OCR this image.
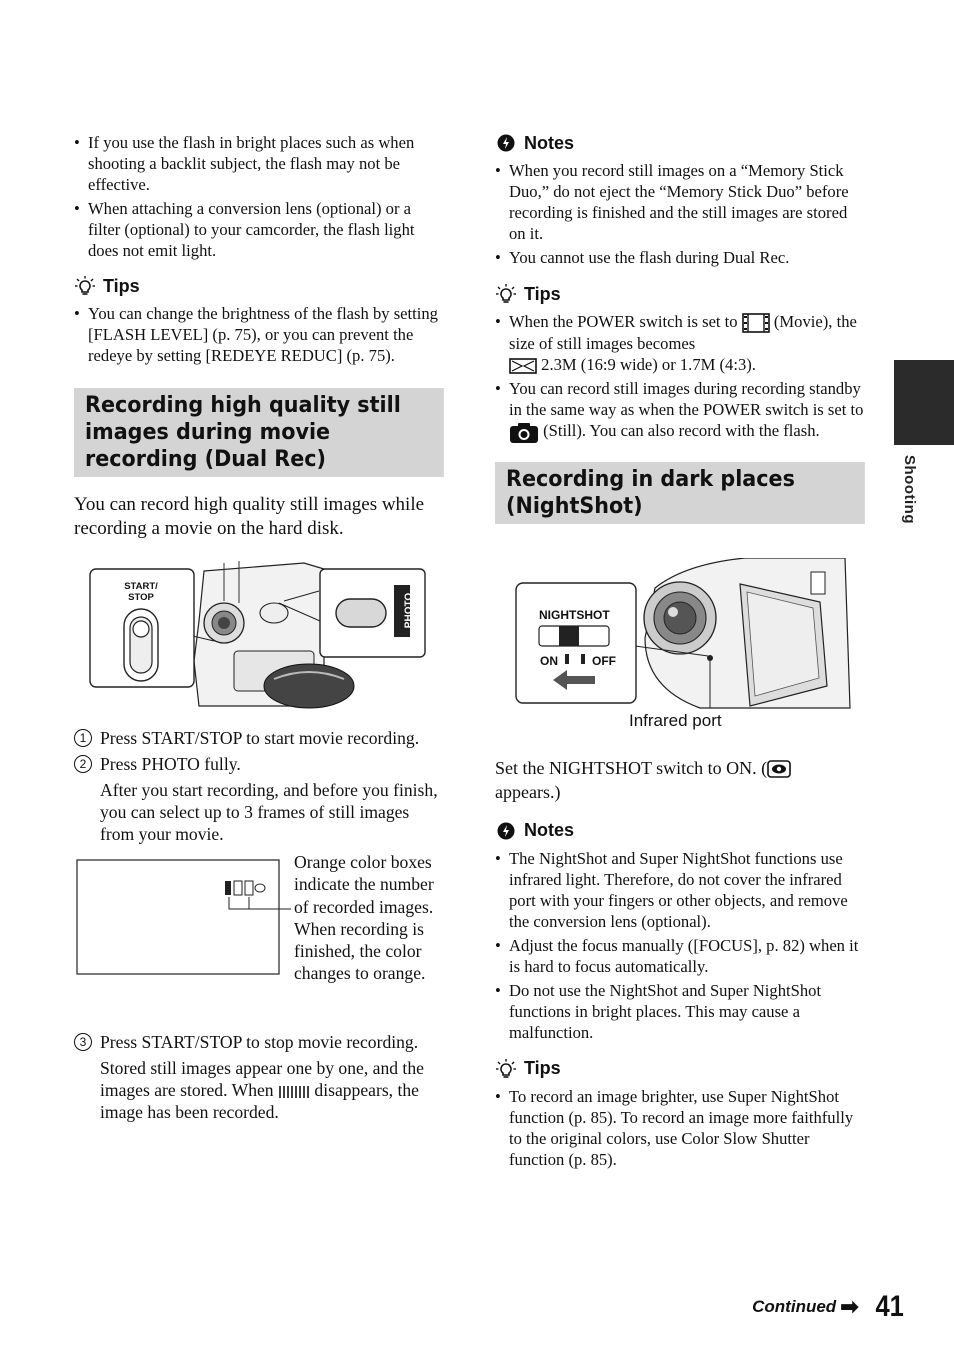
Shooting
• If you use the flash in bright places such as when shooting a backlit subject, the flash may not be effective.
• When attaching a conversion lens (optional) or a filter (optional) to your camcorder, the flash light does not emit light.
Tips
• You can change the brightness of the flash by setting [FLASH LEVEL] (p. 75), or you can prevent the redeye by setting [REDEYE REDUC] (p. 75).
Recording high quality still images during movie recording (Dual Rec)

You can record high quality still images while recording a movie on the hard disk.

START/
STOP	PHOTO
1 Press START/STOP to start movie recording.
2 Press PHOTO fully.

After you start recording, and before you finish, you can select up to 3 frames of still images from your movie.

Orange color boxes indicate the number of recorded images. When recording is finished, the color changes to orange.

3 Press START/STOP to stop movie recording.

Stored still images appear one by one, and the images are stored. When disappears, the image has been recorded.

Notes
• When you record still images on a “Memory Stick Duo,” do not eject the “Memory Stick Duo” before recording is finished and the still images are stored on it.
• You cannot use the flash during Dual Rec.
Tips
• When the POWER switch is set to (Movie), the size of still images becomes
2.3M (16:9 wide) or 1.7M (4:3).
• You can record still images during recording standby in the same way as when the POWER switch is set to  (Still). You can also record with the flash.
Recording in dark places (NightShot)
NIGHTSHOT
ON	OFF
Infrared port

Set the NIGHTSHOT switch to ON. (
appears.)

Notes
• The NightShot and Super NightShot functions use infrared light. Therefore, do not cover the infrared port with your fingers or other objects, and remove the conversion lens (optional).
• Adjust the focus manually ([FOCUS], p. 82) when it is hard to focus automatically.
• Do not use the NightShot and Super NightShot functions in bright places. This may cause a malfunction.
Tips
• To record an image brighter, use Super NightShot function (p. 85). To record an image more faithfully to the original colors, use Color Slow Shutter function (p. 85).
Continued ➡ 41
